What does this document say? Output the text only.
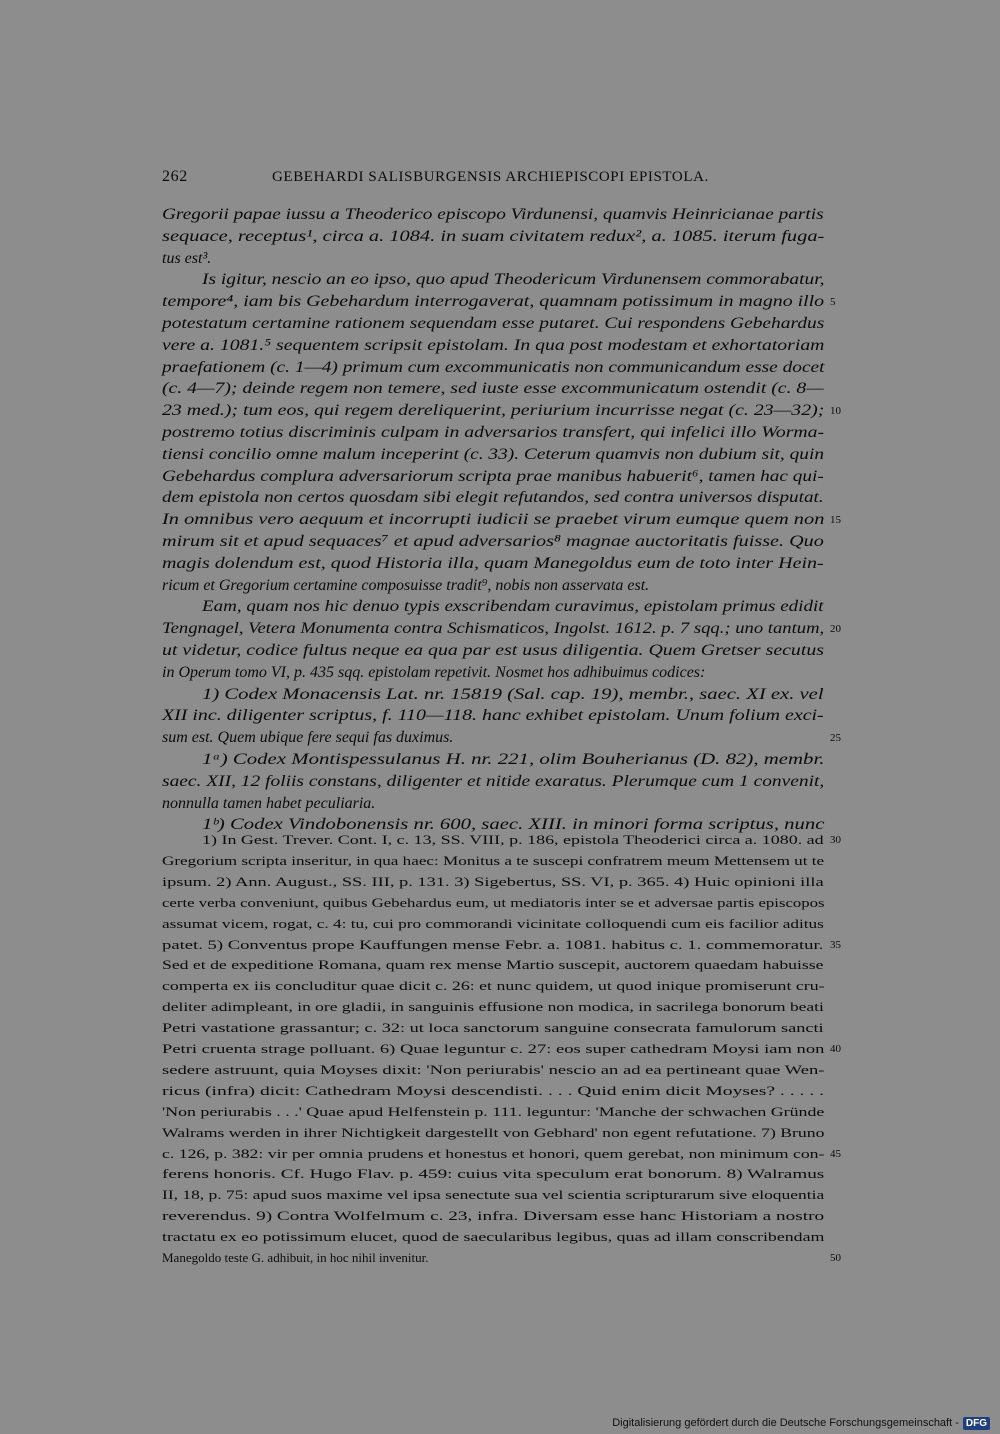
262	GEBEHARDI SALISBURGENSIS ARCHIEPISCOPI EPISTOLA.
Gregorii papae iussu a Theoderico episcopo Virdunensi, quamvis Heinricianae partis
sequace, receptus¹, circa a. 1084. in suam civitatem redux², a. 1085. iterum fuga-
tus est³.
Is igitur, nescio an eo ipso, quo apud Theodericum Virdunensem commorabatur,
tempore⁴, iam bis Gebehardum interrogaverat, quamnam potissimum in magno illo
potestatum certamine rationem sequendam esse putaret. Cui respondens Gebehardus
vere a. 1081.⁵ sequentem scripsit epistolam. In qua post modestam et exhortatoriam
praefationem (c. 1—4) primum cum excommunicatis non communicandum esse docet
(c. 4—7); deinde regem non temere, sed iuste esse excommunicatum ostendit (c. 8—
23 med.); tum eos, qui regem dereliquerint, periurium incurrisse negat (c. 23—32);
postremo totius discriminis culpam in adversarios transfert, qui infelici illo Worma-
tiensi concilio omne malum inceperint (c. 33). Ceterum quamvis non dubium sit, quin
Gebehardus complura adversariorum scripta prae manibus habuerit⁶, tamen hac qui-
dem epistola non certos quosdam sibi elegit refutandos, sed contra universos disputat.
In omnibus vero aequum et incorrupti iudicii se praebet virum eumque quem non
mirum sit et apud sequaces⁷ et apud adversarios⁸ magnae auctoritatis fuisse. Quo
magis dolendum est, quod Historia illa, quam Manegoldus eum de toto inter Hein-
ricum et Gregorium certamine composuisse tradit⁹, nobis non asservata est.
Eam, quam nos hic denuo typis exscribendam curavimus, epistolam primus edidit
Tengnagel, Vetera Monumenta contra Schismaticos, Ingolst. 1612. p. 7 sqq.; uno tantum,
ut videtur, codice fultus neque ea qua par est usus diligentia. Quem Gretser secutus
in Operum tomo VI, p. 435 sqq. epistolam repetivit. Nosmet hos adhibuimus codices:
1) Codex Monacensis Lat. nr. 15819 (Sal. cap. 19), membr., saec. XI ex. vel
XII inc. diligenter scriptus, f. 110—118. hanc exhibet epistolam. Unum folium exci-
sum est. Quem ubique fere sequi fas duximus.
1ᵃ) Codex Montispessulanus H. nr. 221, olim Bouherianus (D. 82), membr.
saec. XII, 12 foliis constans, diligenter et nitide exaratus. Plerumque cum 1 convenit,
nonnulla tamen habet peculiaria.
1ᵇ) Codex Vindobonensis nr. 600, saec. XIII. in minori forma scriptus, nunc
5
10
15
20
25
1) In Gest. Trever. Cont. I, c. 13, SS. VIII, p. 186, epistola Theoderici circa a. 1080. ad
Gregorium scripta inseritur, in qua haec: Monitus a te suscepi confratrem meum Mettensem ut te
ipsum. 2) Ann. August., SS. III, p. 131. 3) Sigebertus, SS. VI, p. 365. 4) Huic opinioni illa
certe verba conveniunt, quibus Gebehardus eum, ut mediatoris inter se et adversae partis episcopos
assumat vicem, rogat, c. 4: tu, cui pro commorandi vicinitate colloquendi cum eis facilior aditus
patet. 5) Conventus prope Kauffungen mense Febr. a. 1081. habitus c. 1. commemoratur.
Sed et de expeditione Romana, quam rex mense Martio suscepit, auctorem quaedam habuisse
comperta ex iis concluditur quae dicit c. 26: et nunc quidem, ut quod inique promiserunt cru-
deliter adimpleant, in ore gladii, in sanguinis effusione non modica, in sacrilega bonorum beati
Petri vastatione grassantur; c. 32: ut loca sanctorum sanguine consecrata famulorum sancti
Petri cruenta strage polluant. 6) Quae leguntur c. 27: eos super cathedram Moysi iam non
sedere astruunt, quia Moyses dixit: 'Non periurabis' nescio an ad ea pertineant quae Wen-
ricus (infra) dicit: Cathedram Moysi descendisti. . . . Quid enim dicit Moyses? . . . . .
'Non periurabis . . .' Quae apud Helfenstein p. 111. leguntur: 'Manche der schwachen Gründe
Walrams werden in ihrer Nichtigkeit dargestellt von Gebhard' non egent refutatione. 7) Bruno
c. 126, p. 382: vir per omnia prudens et honestus et honori, quem gerebat, non minimum con-
ferens honoris. Cf. Hugo Flav. p. 459: cuius vita speculum erat bonorum. 8) Walramus
II, 18, p. 75: apud suos maxime vel ipsa senectute sua vel scientia scripturarum sive eloquentia
reverendus. 9) Contra Wolfelmum c. 23, infra. Diversam esse hanc Historiam a nostro
tractatu ex eo potissimum elucet, quod de saecularibus legibus, quas ad illam conscribendam
Manegoldo teste G. adhibuit, in hoc nihil invenitur.
30
35
40
45
50
Digitalisierung gefördert durch die Deutsche Forschungsgemeinschaft - DFG
